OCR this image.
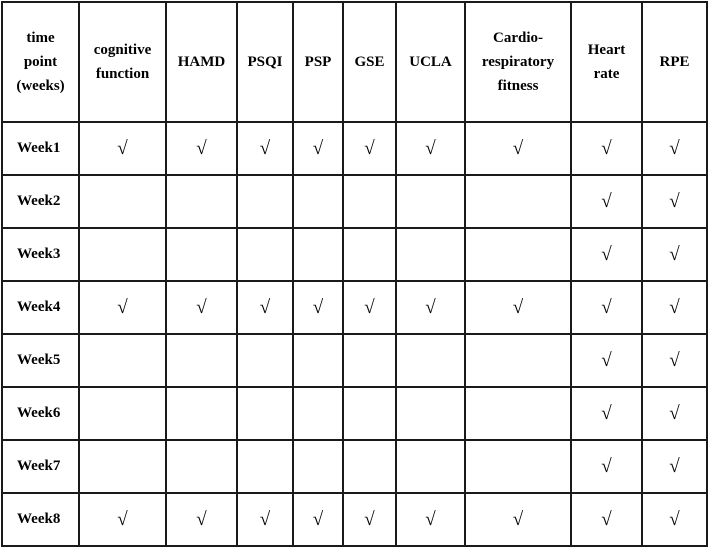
time
point
(weeks)	cognitive
function	HAMD	PSQI	PSP	GSE	UCLA	Cardio-
respiratory
fitness	Heart
rate	RPE

Week1	√	√	√	√	√	√	√	√	√
Week2								√	√
Week3								√	√
Week4	√	√	√	√	√	√	√	√	√
Week5								√	√
Week6								√	√
Week7								√	√
Week8	√	√	√	√	√	√	√	√	√
